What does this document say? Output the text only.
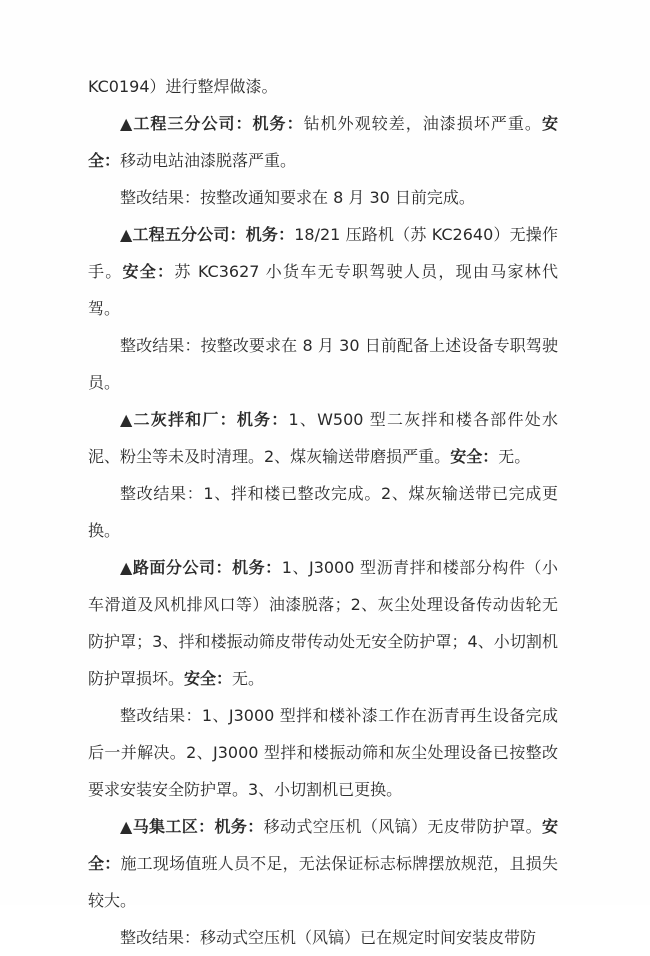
KC0194）进行整焊做漆。

▲工程三分公司：机务：钻机外观较差，油漆损坏严重。安全：移动电站油漆脱落严重。

整改结果：按整改通知要求在 8 月 30 日前完成。

▲工程五分公司：机务：18/21 压路机（苏 KC2640）无操作手。安全：苏 KC3627 小货车无专职驾驶人员，现由马家林代驾。

整改结果：按整改要求在 8 月 30 日前配备上述设备专职驾驶员。

▲二灰拌和厂：机务：1、W500 型二灰拌和楼各部件处水泥、粉尘等未及时清理。2、煤灰输送带磨损严重。安全：无。

整改结果：1、拌和楼已整改完成。2、煤灰输送带已完成更换。

▲路面分公司：机务：1、J3000 型沥青拌和楼部分构件（小车滑道及风机排风口等）油漆脱落；2、灰尘处理设备传动齿轮无防护罩；3、拌和楼振动筛皮带传动处无安全防护罩；4、小切割机防护罩损坏。安全：无。

整改结果：1、J3000 型拌和楼补漆工作在沥青再生设备完成后一并解决。2、J3000 型拌和楼振动筛和灰尘处理设备已按整改要求安装安全防护罩。3、小切割机已更换。

▲马集工区：机务：移动式空压机（风镐）无皮带防护罩。安全：施工现场值班人员不足，无法保证标志标牌摆放规范，且损失较大。

整改结果：移动式空压机（风镐）已在规定时间安装皮带防
